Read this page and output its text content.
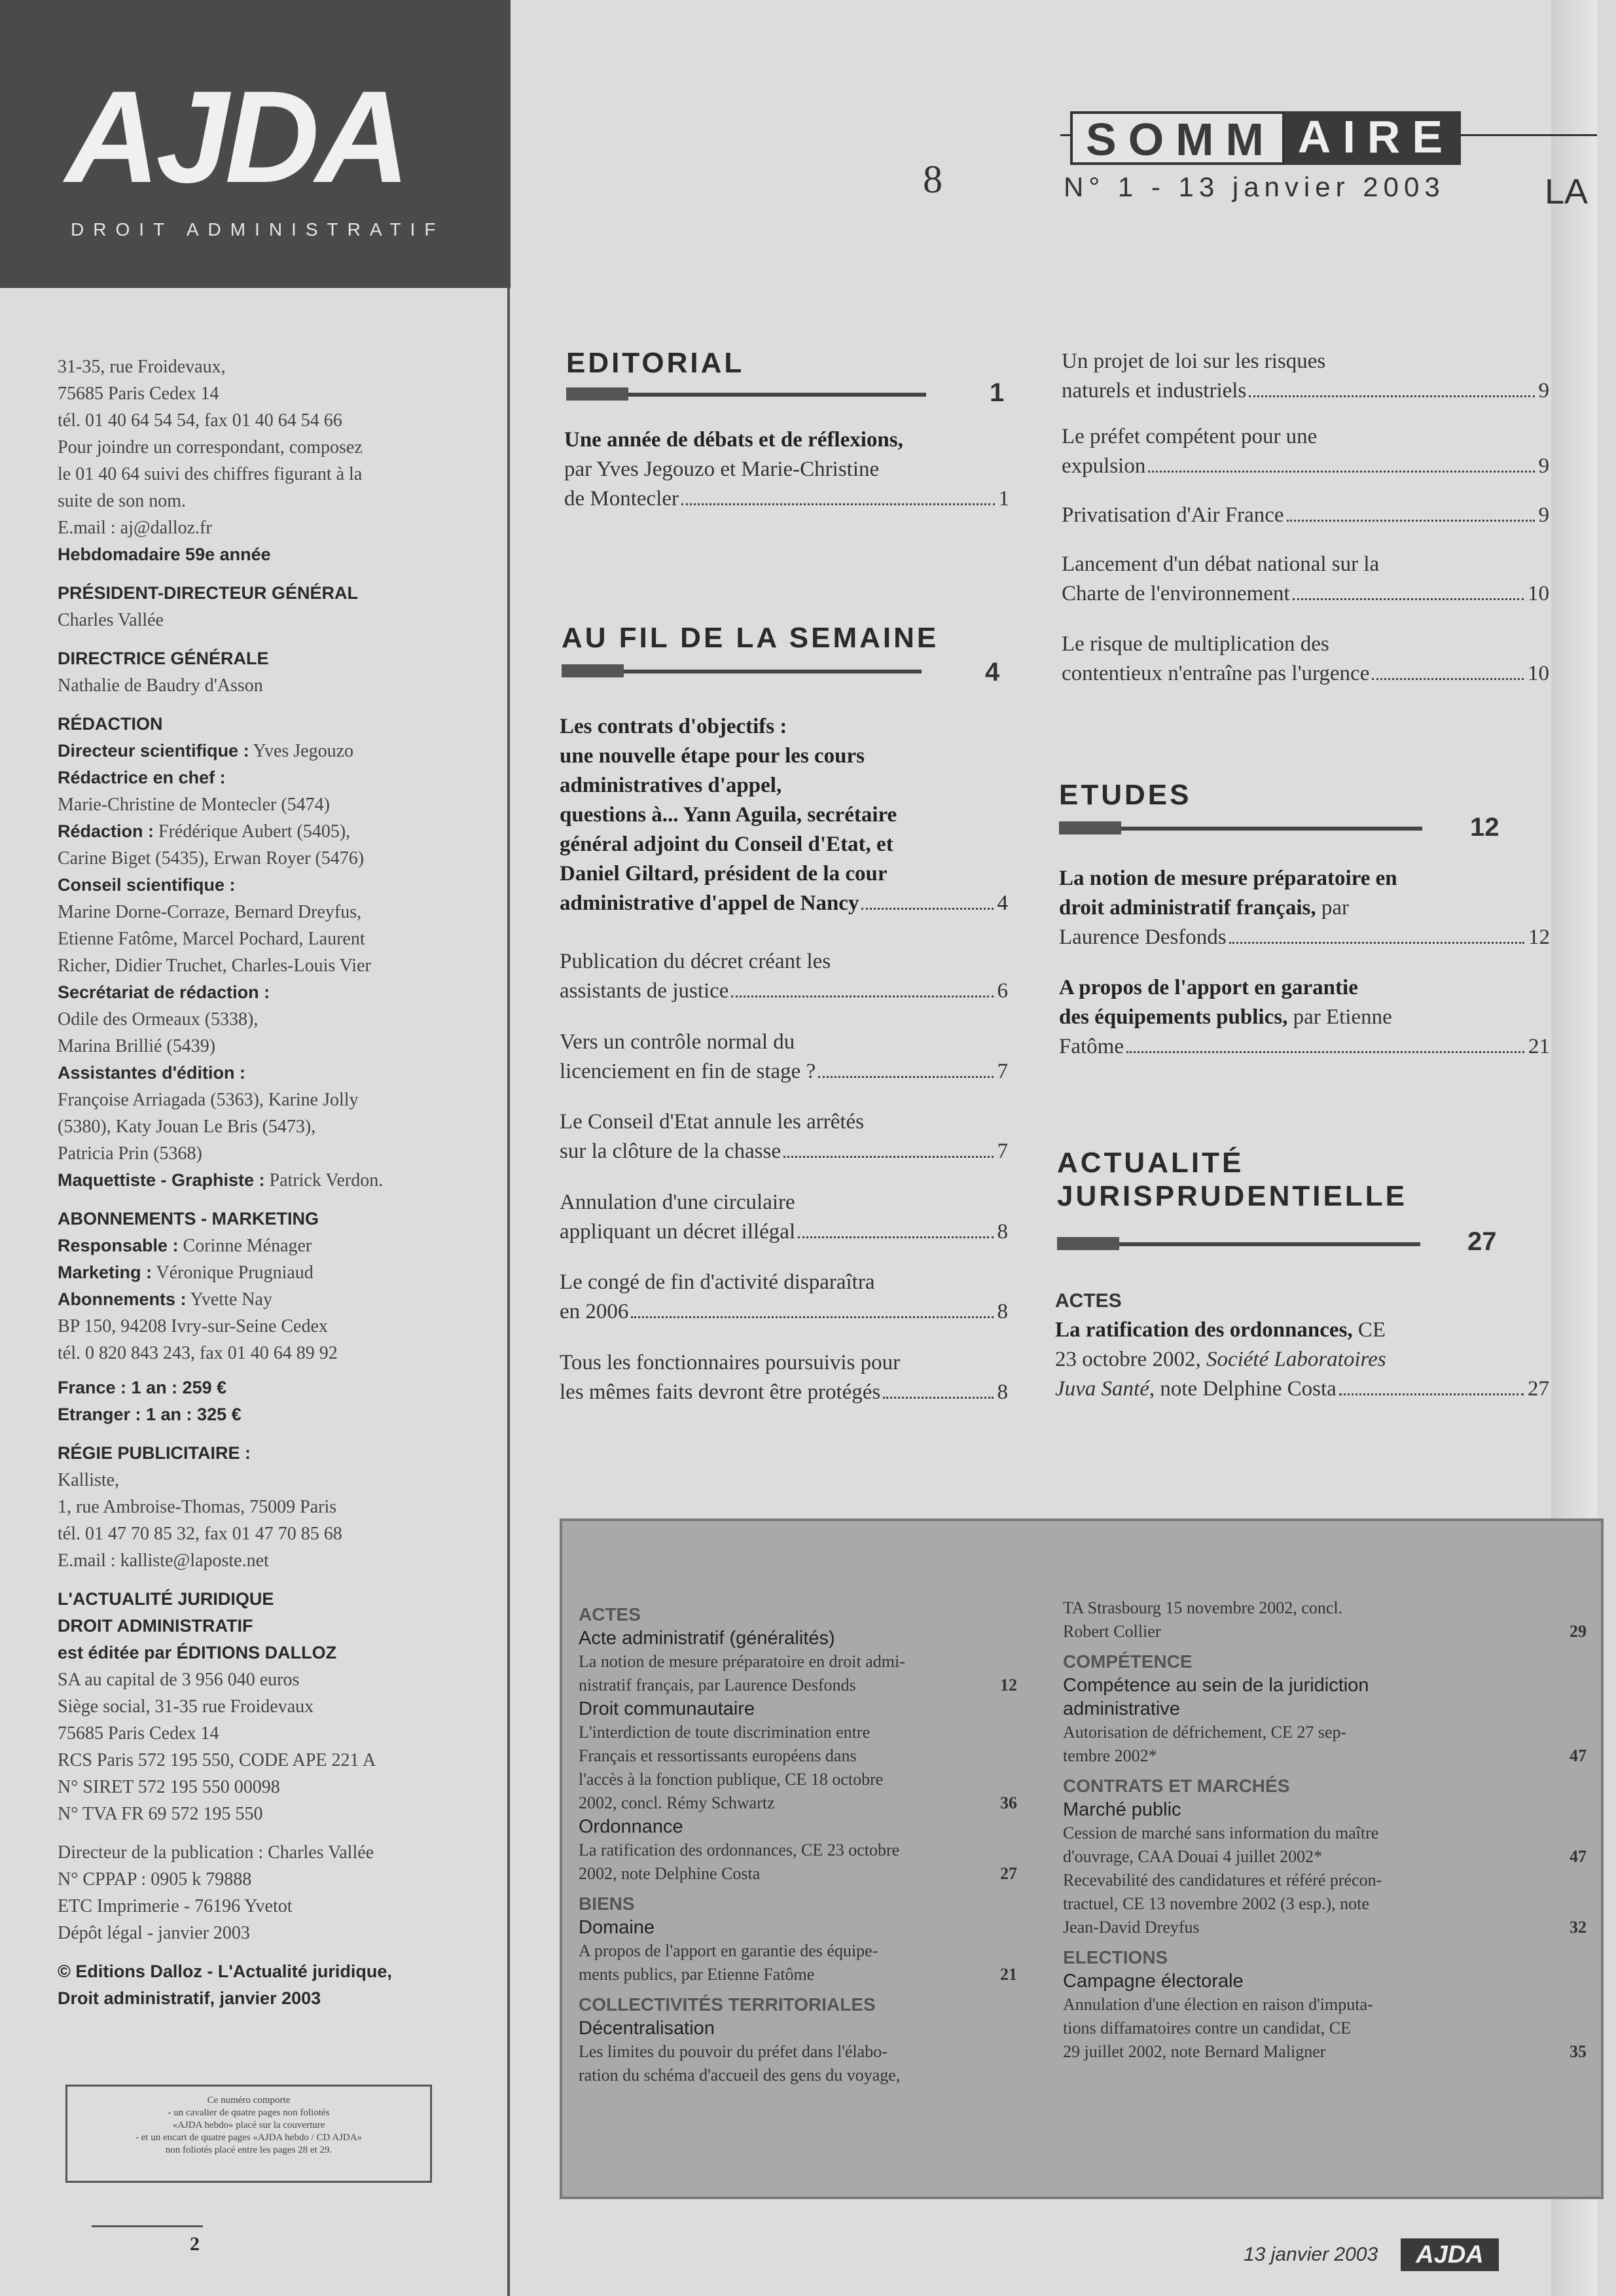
AJDA
DROIT ADMINISTRATIF

31-35, rue Froidevaux,

75685 Paris Cedex 14

tél. 01 40 64 54 54, fax 01 40 64 54 66

Pour joindre un correspondant, composez

le 01 40 64 suivi des chiffres figurant à la

suite de son nom.

E.mail : aj@dalloz.fr

Hebdomadaire 59e année

PRÉSIDENT-DIRECTEUR GÉNÉRAL

Charles Vallée

DIRECTRICE GÉNÉRALE

Nathalie de Baudry d'Asson

RÉDACTION

Directeur scientifique : Yves Jegouzo

Rédactrice en chef :

Marie-Christine de Montecler (5474)

Rédaction : Frédérique Aubert (5405),

Carine Biget (5435), Erwan Royer (5476)

Conseil scientifique :

Marine Dorne-Corraze, Bernard Dreyfus,

Etienne Fatôme, Marcel Pochard, Laurent

Richer, Didier Truchet, Charles-Louis Vier

Secrétariat de rédaction :

Odile des Ormeaux (5338),

Marina Brillié (5439)

Assistantes d'édition :

Françoise Arriagada (5363), Karine Jolly

(5380), Katy Jouan Le Bris (5473),

Patricia Prin (5368)

Maquettiste - Graphiste : Patrick Verdon.

ABONNEMENTS - MARKETING

Responsable : Corinne Ménager

Marketing : Véronique Prugniaud

Abonnements : Yvette Nay

BP 150, 94208 Ivry-sur-Seine Cedex

tél. 0 820 843 243, fax 01 40 64 89 92

France : 1 an : 259 €

Etranger : 1 an : 325 €

RÉGIE PUBLICITAIRE :

Kalliste,

1, rue Ambroise-Thomas, 75009 Paris

tél. 01 47 70 85 32, fax 01 47 70 85 68

E.mail : kalliste@laposte.net

L'ACTUALITÉ JURIDIQUE

DROIT ADMINISTRATIF

est éditée par ÉDITIONS DALLOZ

SA au capital de 3 956 040 euros

Siège social, 31-35 rue Froidevaux

75685 Paris Cedex 14

RCS Paris 572 195 550, CODE APE 221 A

N° SIRET 572 195 550 00098

N° TVA FR 69 572 195 550

Directeur de la publication : Charles Vallée

N° CPPAP : 0905 k 79888

ETC Imprimerie - 76196 Yvetot

Dépôt légal - janvier 2003

© Editions Dalloz - L'Actualité juridique,

Droit administratif, janvier 2003

Ce numéro comporte
- un cavalier de quatre pages non foliotés
«AJDA hebdo» placé sur la couverture
- et un encart de quatre pages «AJDA hebdo / CD AJDA»
non foliotés placé entre les pages 28 et 29.
2
SOMM AIRE
N° 1 - 13 janvier 2003
8	LA
EDITORIAL
1
Une année de débats et de réflexions,
par Yves Jegouzo et Marie-Christine
de Montecler	1
AU FIL DE LA SEMAINE
4
Les contrats d'objectifs :
une nouvelle étape pour les cours
administratives d'appel,
questions à... Yann Aguila, secrétaire
général adjoint du Conseil d'Etat, et
Daniel Giltard, président de la cour
administrative d'appel de Nancy	4
Publication du décret créant les
assistants de justice	6
Vers un contrôle normal du
licenciement en fin de stage ?	7
Le Conseil d'Etat annule les arrêtés
sur la clôture de la chasse	7
Annulation d'une circulaire
appliquant un décret illégal	8
Le congé de fin d'activité disparaîtra
en 2006	8
Tous les fonctionnaires poursuivis pour
les mêmes faits devront être protégés	8
Un projet de loi sur les risques
naturels et industriels	9
Le préfet compétent pour une
expulsion	9
Privatisation d'Air France	9
Lancement d'un débat national sur la
Charte de l'environnement	10
Le risque de multiplication des
contentieux n'entraîne pas l'urgence	10
ETUDES
12
La notion de mesure préparatoire en
droit administratif français, par
Laurence Desfonds	12
A propos de l'apport en garantie
des équipements publics, par Etienne
Fatôme	21
ACTUALITÉ
JURISPRUDENTIELLE
27
ACTES
La ratification des ordonnances, CE
23 octobre 2002, Société Laboratoires
Juva Santé, note Delphine Costa	27
ACTES
Acte administratif (généralités)
La notion de mesure préparatoire en droit admi-
nistratif français, par Laurence Desfonds	12
Droit communautaire
L'interdiction de toute discrimination entre
Français et ressortissants européens dans
l'accès à la fonction publique, CE 18 octobre
2002, concl. Rémy Schwartz	36
Ordonnance
La ratification des ordonnances, CE 23 octobre
2002, note Delphine Costa	27
BIENS
Domaine
A propos de l'apport en garantie des équipe-
ments publics, par Etienne Fatôme	21
COLLECTIVITÉS TERRITORIALES
Décentralisation
Les limites du pouvoir du préfet dans l'élabo-
ration du schéma d'accueil des gens du voyage,
TA Strasbourg 15 novembre 2002, concl.
Robert Collier	29
COMPÉTENCE
Compétence au sein de la juridiction
administrative
Autorisation de défrichement, CE 27 sep-
tembre 2002*	47
CONTRATS ET MARCHÉS
Marché public
Cession de marché sans information du maître
d'ouvrage, CAA Douai 4 juillet 2002*	47
Recevabilité des candidatures et référé précon-
tractuel, CE 13 novembre 2002 (3 esp.), note
Jean-David Dreyfus	32
ELECTIONS
Campagne électorale
Annulation d'une élection en raison d'imputa-
tions diffamatoires contre un candidat, CE
29 juillet 2002, note Bernard Maligner	35
13 janvier 2003	AJDA
